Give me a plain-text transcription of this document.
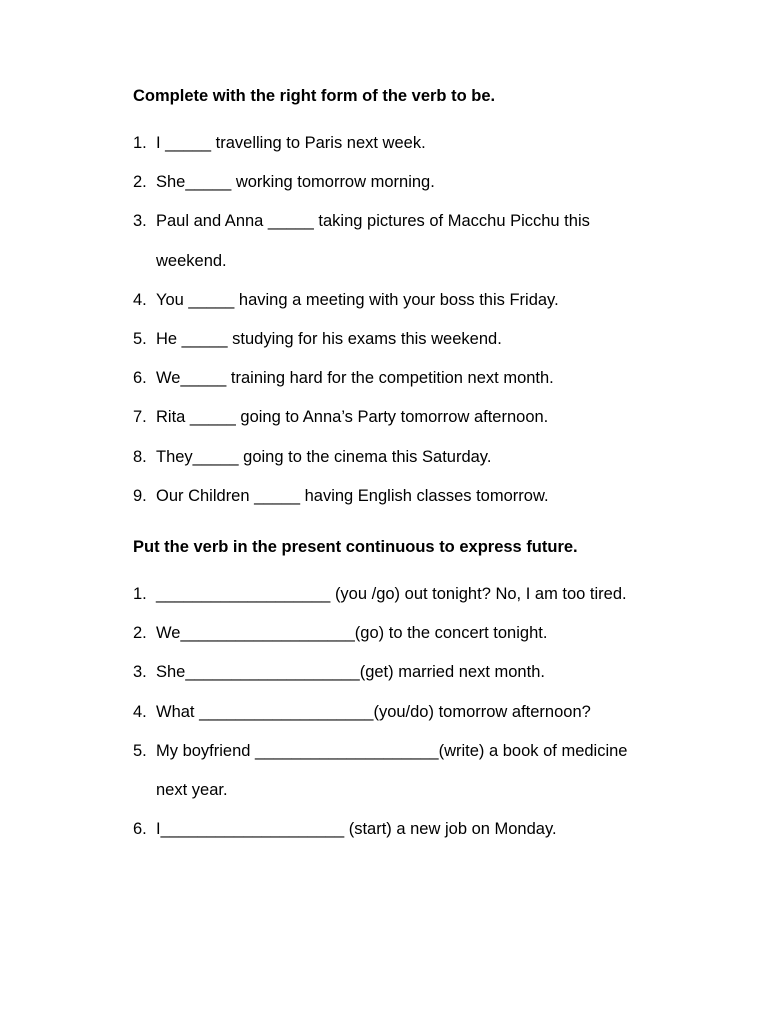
Complete with the right form of the verb to be.

1. I _____ travelling to Paris next week.
2. She_____ working tomorrow morning.
3. Paul and Anna _____ taking pictures of Macchu Picchu this weekend.
4. You _____ having a meeting with your boss this Friday.
5. He _____ studying for his exams this weekend.
6. We_____ training hard for the competition next month.
7. Rita _____ going to Anna’s Party tomorrow afternoon.
8. They_____ going to the cinema this Saturday.
9. Our Children _____ having English classes tomorrow.

Put the verb in the present continuous to express future.

1. ___________________ (you /go) out tonight? No, I am too tired.
2. We___________________(go) to the concert tonight.
3. She___________________(get) married next month.
4. What ___________________(you/do) tomorrow afternoon?
5. My boyfriend ____________________(write) a book of medicine next year.
6. I____________________ (start) a new job on Monday.
